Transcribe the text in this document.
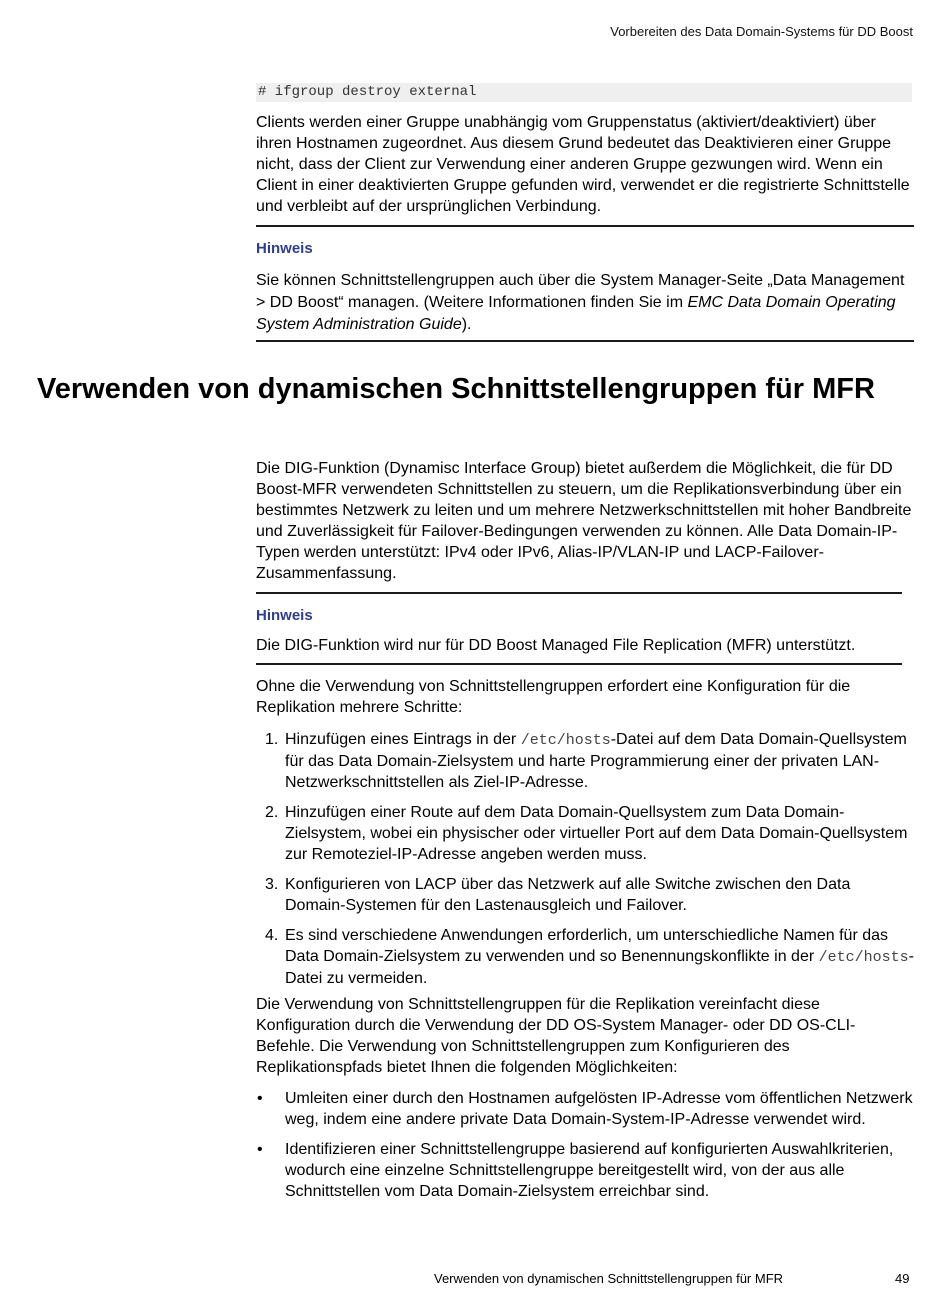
Vorbereiten des Data Domain-Systems für DD Boost
# ifgroup destroy external

Clients werden einer Gruppe unabhängig vom Gruppenstatus (aktiviert/deaktiviert) über ihren Hostnamen zugeordnet. Aus diesem Grund bedeutet das Deaktivieren einer Gruppe nicht, dass der Client zur Verwendung einer anderen Gruppe gezwungen wird. Wenn ein Client in einer deaktivierten Gruppe gefunden wird, verwendet er die registrierte Schnittstelle und verbleibt auf der ursprünglichen Verbindung.

Hinweis
Sie können Schnittstellengruppen auch über die System Manager-Seite „Data Management > DD Boost“ managen. (Weitere Informationen finden Sie im EMC Data Domain Operating System Administration Guide).
Verwenden von dynamischen Schnittstellengruppen für MFR

Die DIG-Funktion (Dynamisc Interface Group) bietet außerdem die Möglichkeit, die für DD Boost-MFR verwendeten Schnittstellen zu steuern, um die Replikationsverbindung über ein bestimmtes Netzwerk zu leiten und um mehrere Netzwerkschnittstellen mit hoher Bandbreite und Zuverlässigkeit für Failover-Bedingungen verwenden zu können. Alle Data Domain-IP-Typen werden unterstützt: IPv4 oder IPv6, Alias-IP/VLAN-IP und LACP-Failover-Zusammenfassung.

Hinweis
Die DIG-Funktion wird nur für DD Boost Managed File Replication (MFR) unterstützt.

Ohne die Verwendung von Schnittstellengruppen erfordert eine Konfiguration für die Replikation mehrere Schritte:

1. Hinzufügen eines Eintrags in der /etc/hosts-Datei auf dem Data Domain-Quellsystem für das Data Domain-Zielsystem und harte Programmierung einer der privaten LAN-Netzwerkschnittstellen als Ziel-IP-Adresse.
2. Hinzufügen einer Route auf dem Data Domain-Quellsystem zum Data Domain-Zielsystem, wobei ein physischer oder virtueller Port auf dem Data Domain-Quellsystem zur Remoteziel-IP-Adresse angeben werden muss.
3. Konfigurieren von LACP über das Netzwerk auf alle Switche zwischen den Data Domain-Systemen für den Lastenausgleich und Failover.
4. Es sind verschiedene Anwendungen erforderlich, um unterschiedliche Namen für das Data Domain-Zielsystem zu verwenden und so Benennungskonflikte in der /etc/hosts-Datei zu vermeiden.

Die Verwendung von Schnittstellengruppen für die Replikation vereinfacht diese Konfiguration durch die Verwendung der DD OS-System Manager- oder DD OS-CLI-Befehle. Die Verwendung von Schnittstellengruppen zum Konfigurieren des Replikationspfads bietet Ihnen die folgenden Möglichkeiten:

• Umleiten einer durch den Hostnamen aufgelösten IP-Adresse vom öffentlichen Netzwerk weg, indem eine andere private Data Domain-System-IP-Adresse verwendet wird.
• Identifizieren einer Schnittstellengruppe basierend auf konfigurierten Auswahlkriterien, wodurch eine einzelne Schnittstellengruppe bereitgestellt wird, von der aus alle Schnittstellen vom Data Domain-Zielsystem erreichbar sind.
Verwenden von dynamischen Schnittstellengruppen für MFR	49
